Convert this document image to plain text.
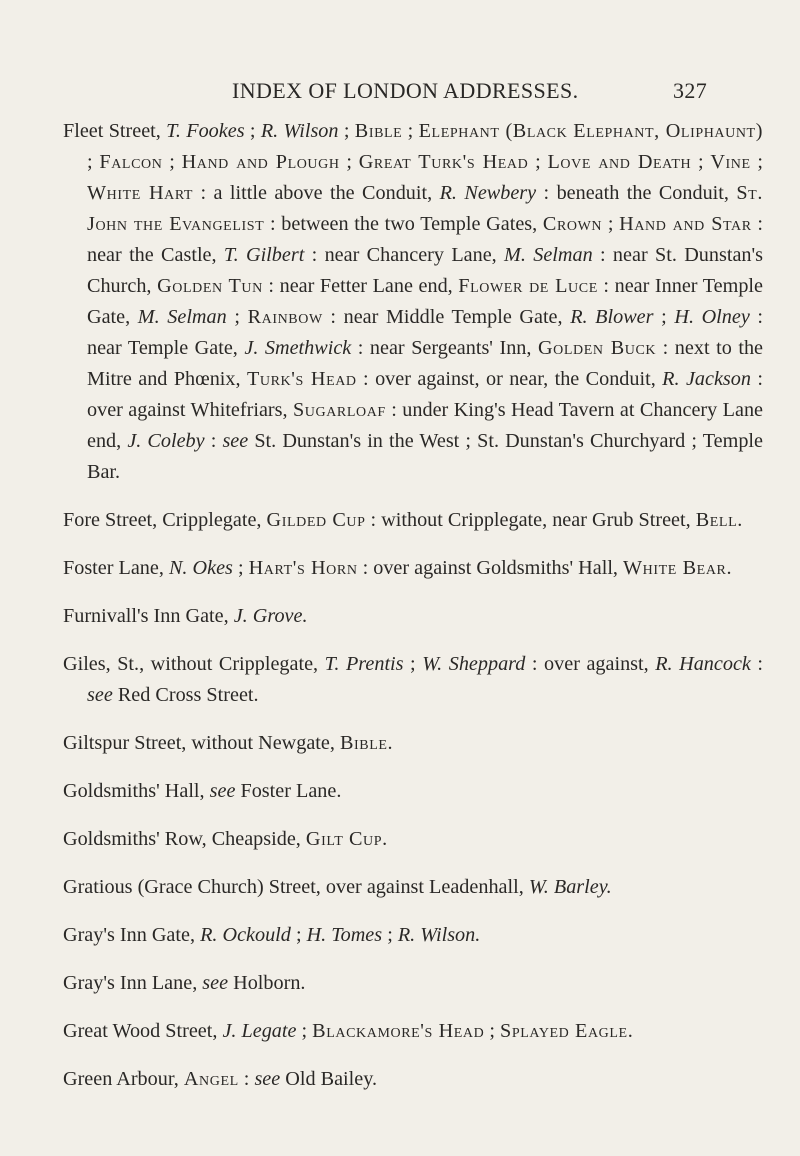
INDEX OF LONDON ADDRESSES.	327

Fleet Street, T. Fookes ; R. Wilson ; Bible ; Elephant (Black Elephant, Oliphaunt) ; Falcon ; Hand and Plough ; Great Turk's Head ; Love and Death ; Vine ; White Hart : a little above the Conduit, R. Newbery : beneath the Conduit, St. John the Evangelist : between the two Temple Gates, Crown ; Hand and Star : near the Castle, T. Gilbert : near Chancery Lane, M. Selman : near St. Dunstan's Church, Golden Tun : near Fetter Lane end, Flower de Luce : near Inner Temple Gate, M. Selman ; Rainbow : near Middle Temple Gate, R. Blower ; H. Olney : near Temple Gate, J. Smethwick : near Sergeants' Inn, Golden Buck : next to the Mitre and Phœnix, Turk's Head : over against, or near, the Conduit, R. Jackson : over against Whitefriars, Sugarloaf : under King's Head Tavern at Chancery Lane end, J. Coleby : see St. Dunstan's in the West ; St. Dunstan's Churchyard ; Temple Bar.

Fore Street, Cripplegate, Gilded Cup : without Cripplegate, near Grub Street, Bell.

Foster Lane, N. Okes ; Hart's Horn : over against Goldsmiths' Hall, White Bear.

Furnivall's Inn Gate, J. Grove.

Giles, St., without Cripplegate, T. Prentis ; W. Sheppard : over against, R. Hancock : see Red Cross Street.

Giltspur Street, without Newgate, Bible.

Goldsmiths' Hall, see Foster Lane.

Goldsmiths' Row, Cheapside, Gilt Cup.

Gratious (Grace Church) Street, over against Leadenhall, W. Barley.

Gray's Inn Gate, R. Ockould ; H. Tomes ; R. Wilson.

Gray's Inn Lane, see Holborn.

Great Wood Street, J. Legate ; Blackamore's Head ; Splayed Eagle.

Green Arbour, Angel : see Old Bailey.
